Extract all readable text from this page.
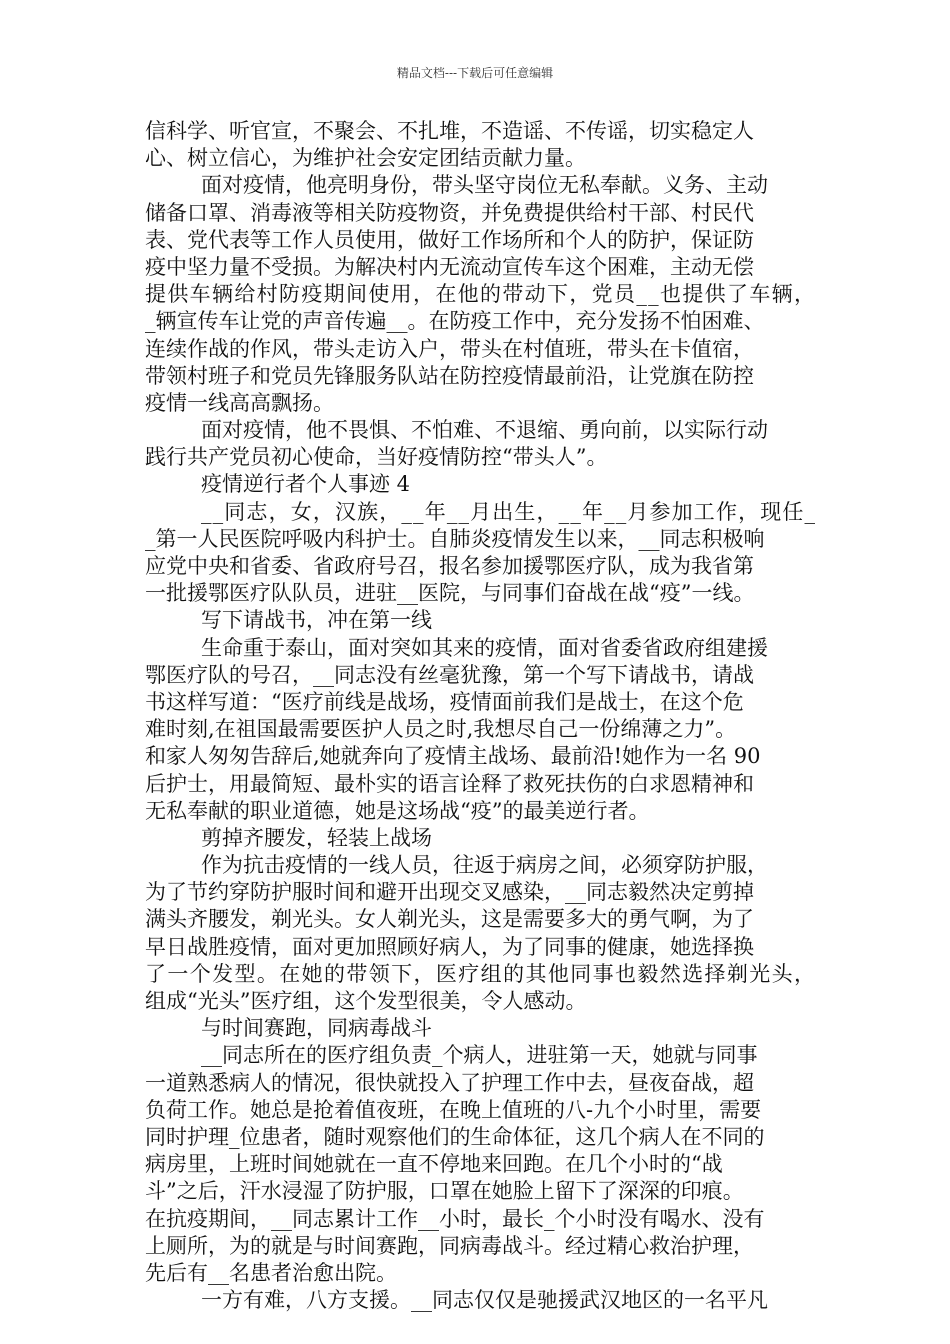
精品文档---下载后可任意编辑
信科学、听官宣，不聚会、不扎堆，不造谣、不传谣，切实稳定人
心、树立信心，为维护社会安定团结贡献力量。
面对疫情，他亮明身份，带头坚守岗位无私奉献。义务、主动
储备口罩、消毒液等相关防疫物资，并免费提供给村干部、村民代
表、党代表等工作人员使用，做好工作场所和个人的防护，保证防
疫中坚力量不受损。为解决村内无流动宣传车这个困难，主动无偿
提供车辆给村防疫期间使用，在他的带动下，党员__也提供了车辆，
_辆宣传车让党的声音传遍__。在防疫工作中，充分发扬不怕困难、
连续作战的作风，带头走访入户，带头在村值班，带头在卡值宿，
带领村班子和党员先锋服务队站在防控疫情最前沿，让党旗在防控
疫情一线高高飘扬。
面对疫情，他不畏惧、不怕难、不退缩、勇向前，以实际行动
践行共产党员初心使命，当好疫情防控“带头人”。
疫情逆行者个人事迹 4
__同志，女，汉族，__年__月出生，__年__月参加工作，现任_
_第一人民医院呼吸内科护士。自肺炎疫情发生以来，__同志积极响
应党中央和省委、省政府号召，报名参加援鄂医疗队，成为我省第
一批援鄂医疗队队员，进驻__医院，与同事们奋战在战“疫”一线。
写下请战书，冲在第一线
生命重于泰山，面对突如其来的疫情，面对省委省政府组建援
鄂医疗队的号召，__同志没有丝毫犹豫，第一个写下请战书，请战
书这样写道：“医疗前线是战场，疫情面前我们是战士，在这个危
难时刻,在祖国最需要医护人员之时,我想尽自己一份绵薄之力”。
和家人匆匆告辞后,她就奔向了疫情主战场、最前沿!她作为一名 90
后护士，用最简短、最朴实的语言诠释了救死扶伤的白求恩精神和
无私奉献的职业道德，她是这场战“疫”的最美逆行者。
剪掉齐腰发，轻装上战场
作为抗击疫情的一线人员，往返于病房之间，必须穿防护服，
为了节约穿防护服时间和避开出现交叉感染，__同志毅然决定剪掉
满头齐腰发，剃光头。女人剃光头，这是需要多大的勇气啊，为了
早日战胜疫情，面对更加照顾好病人，为了同事的健康，她选择换
了一个发型。在她的带领下，医疗组的其他同事也毅然选择剃光头，
组成“光头”医疗组，这个发型很美，令人感动。
与时间赛跑，同病毒战斗
__同志所在的医疗组负责_个病人，进驻第一天，她就与同事
一道熟悉病人的情况，很快就投入了护理工作中去，昼夜奋战，超
负荷工作。她总是抢着值夜班，在晚上值班的八-九个小时里，需要
同时护理_位患者，随时观察他们的生命体征，这几个病人在不同的
病房里，上班时间她就在一直不停地来回跑。在几个小时的“战
斗”之后，汗水浸湿了防护服，口罩在她脸上留下了深深的印痕。
在抗疫期间，__同志累计工作__小时，最长_个小时没有喝水、没有
上厕所，为的就是与时间赛跑，同病毒战斗。经过精心救治护理，
先后有__名患者治愈出院。
一方有难，八方支援。__同志仅仅是驰援武汉地区的一名平凡
